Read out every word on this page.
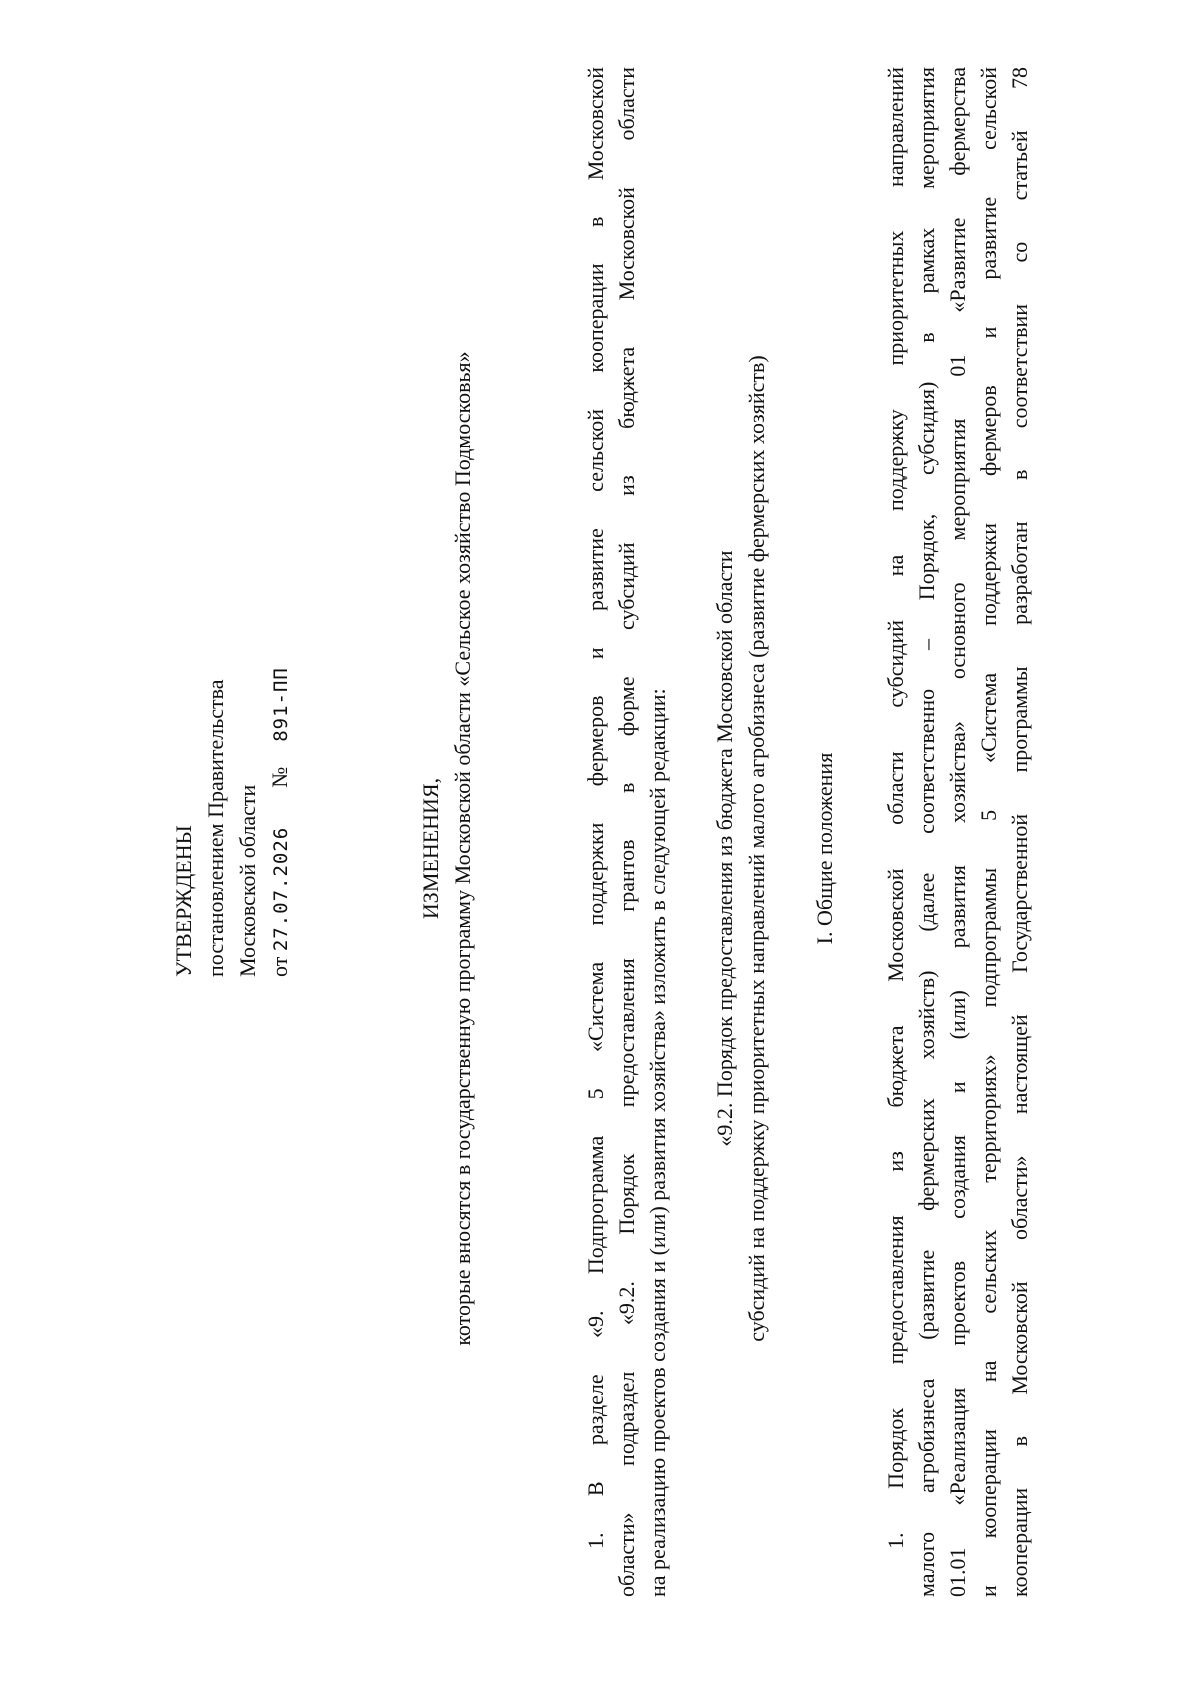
УТВЕРЖДЕНЫ постановлением Правительства Московской области от 27.07.2026  №  891-ПП
ИЗМЕНЕНИЯ, которые вносятся в государственную программу Московской области «Сельское хозяйство Подмосковья»	1. В разделе «9. Подпрограмма 5 «Система поддержки фермеров и развитие сельской кооперации в Московской области» подраздел «9.2. Порядок предоставления грантов в форме субсидий из бюджета Московской области на реализацию проектов создания и (или) развития хозяйства» изложить в следующей редакции: «9.2. Порядок предоставления из бюджета Московской области субсидий на поддержку приоритетных направлений малого агробизнеса (развитие фермерских хозяйств) I. Общие положения 1. Порядок предоставления из бюджета Московской области субсидий на поддержку приоритетных направлений малого агробизнеса (развитие фермерских хозяйств) (далее соответственно – Порядок, субсидия) в рамках мероприятия 01.01 «Реализация проектов создания и (или) развития хозяйства» основного мероприятия 01 «Развитие фермерства и кооперации на сельских территориях» подпрограммы 5 «Система поддержки фермеров и развитие сельской кооперации в Московской области» настоящей Государственной программы разработан в соответствии со статьей 78
